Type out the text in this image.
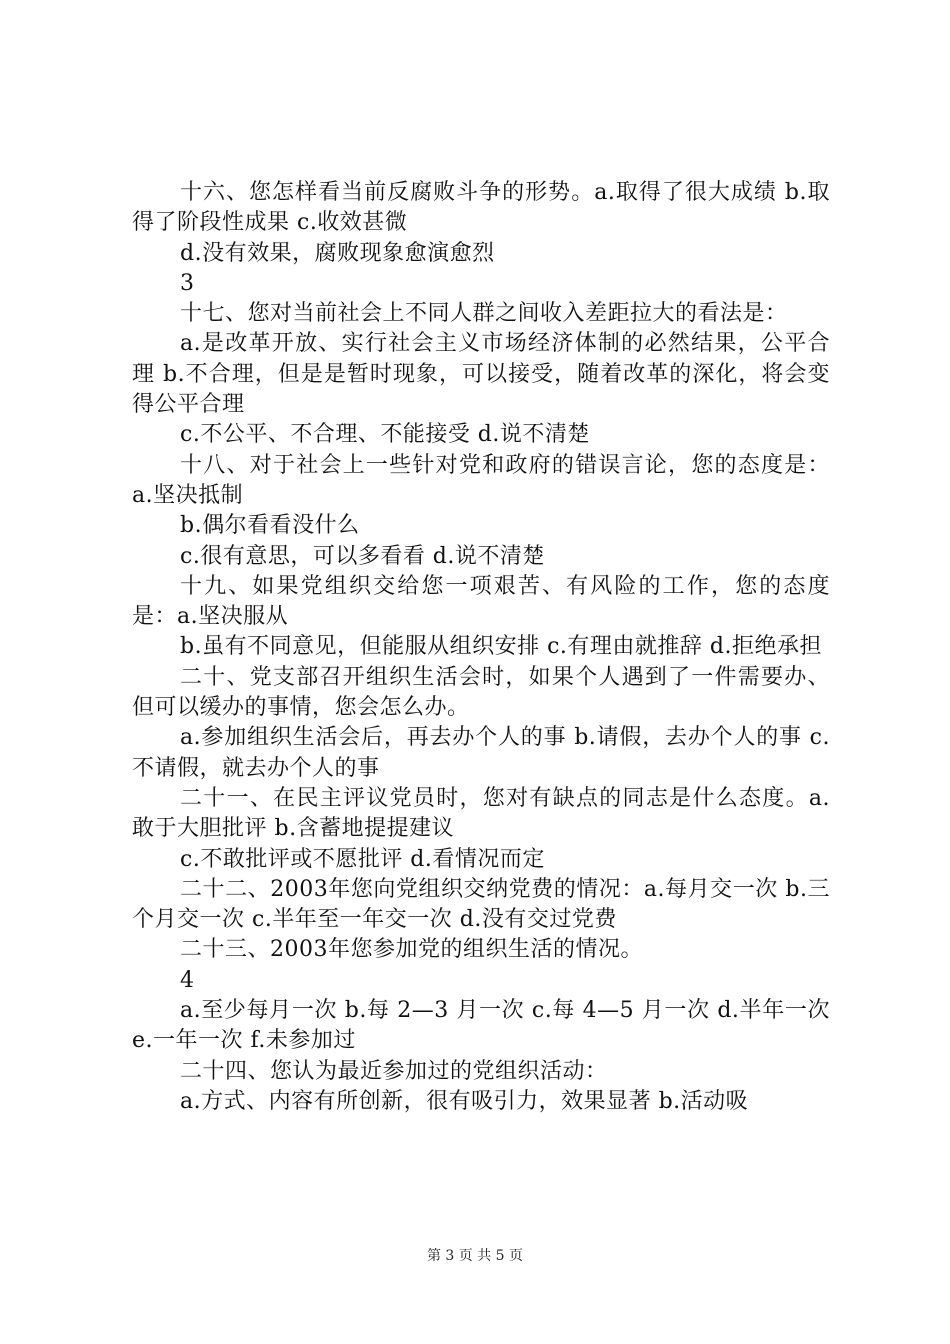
十六、您怎样看当前反腐败斗争的形势。a.取得了很大成绩 b.取得了阶段性成果 c.收效甚微

d.没有效果，腐败现象愈演愈烈

3

十七、您对当前社会上不同人群之间收入差距拉大的看法是：

a.是改革开放、实行社会主义市场经济体制的必然结果，公平合理 b.不合理，但是是暂时现象，可以接受，随着改革的深化，将会变得公平合理

c.不公平、不合理、不能接受 d.说不清楚

十八、对于社会上一些针对党和政府的错误言论，您的态度是：a.坚决抵制

b.偶尔看看没什么

c.很有意思，可以多看看 d.说不清楚

十九、如果党组织交给您一项艰苦、有风险的工作，您的态度是：a.坚决服从

b.虽有不同意见，但能服从组织安排 c.有理由就推辞 d.拒绝承担

二十、党支部召开组织生活会时，如果个人遇到了一件需要办、但可以缓办的事情，您会怎么办。

a.参加组织生活会后，再去办个人的事 b.请假，去办个人的事 c.不请假，就去办个人的事

二十一、在民主评议党员时，您对有缺点的同志是什么态度。a.敢于大胆批评 b.含蓄地提提建议

c.不敢批评或不愿批评 d.看情况而定

二十二、2003年您向党组织交纳党费的情况：a.每月交一次 b.三个月交一次 c.半年至一年交一次 d.没有交过党费

二十三、2003年您参加党的组织生活的情况。

4

a.至少每月一次 b.每 2—3 月一次 c.每 4—5 月一次 d.半年一次 e.一年一次 f.未参加过

二十四、您认为最近参加过的党组织活动：

a.方式、内容有所创新，很有吸引力，效果显著 b.活动吸

第 3 页 共 5 页
